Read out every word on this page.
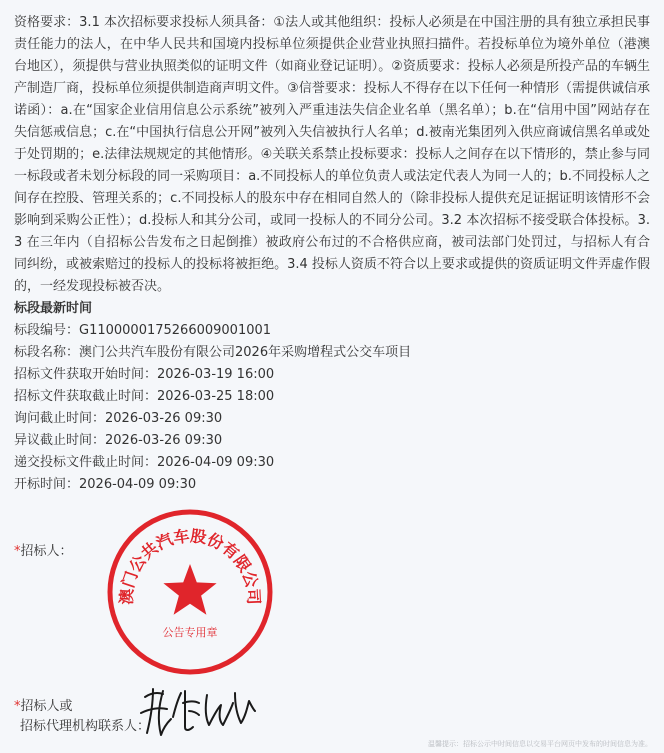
资格要求：3.1 本次招标要求投标人须具备：①法人或其他组织：投标人必须是在中国注册的具有独立承担民事责任能力的法人，在中华人民共和国境内投标单位须提供企业营业执照扫描件。若投标单位为境外单位（港澳台地区），须提供与营业执照类似的证明文件（如商业登记证明）。②资质要求：投标人必须是所投产品的车辆生产制造厂商，投标单位须提供制造商声明文件。③信誉要求：投标人不得存在以下任何一种情形（需提供诚信承诺函）：a.在“国家企业信用信息公示系统”被列入严重违法失信企业名单（黑名单）；b.在“信用中国”网站存在失信惩戒信息；c.在“中国执行信息公开网”被列入失信被执行人名单；d.被南光集团列入供应商诚信黑名单或处于处罚期的；e.法律法规规定的其他情形。④关联关系禁止投标要求：投标人之间存在以下情形的，禁止参与同一标段或者未划分标段的同一采购项目：a.不同投标人的单位负责人或法定代表人为同一人的；b.不同投标人之间存在控股、管理关系的；c.不同投标人的股东中存在相同自然人的（除非投标人提供充足证据证明该情形不会影响到采购公正性）；d.投标人和其分公司，或同一投标人的不同分公司。3.2 本次招标不接受联合体投标。3.3 在三年内（自招标公告发布之日起倒推）被政府公布过的不合格供应商，被司法部门处罚过，与招标人有合同纠纷，或被索赔过的投标人的投标将被拒绝。3.4 投标人资质不符合以上要求或提供的资质证明文件弄虚作假的，一经发现投标被否决。

标段最新时间

标段编号：G1100000175266009001001

标段名称：澳门公共汽车股份有限公司2026年采购增程式公交车项目

招标文件获取开始时间：2026-03-19 16:00

招标文件获取截止时间：2026-03-25 18:00

询问截止时间：2026-03-26 09:30

异议截止时间：2026-03-26 09:30

递交投标文件截止时间：2026-04-09 09:30

开标时间：2026-04-09 09:30

*招标人：
澳门公共汽车股份有限公司
公告专用章
*招标人或
招标代理机构联系人：
温馨提示：招标公示中时间信息以交易平台网页中发布的时间信息为准。
